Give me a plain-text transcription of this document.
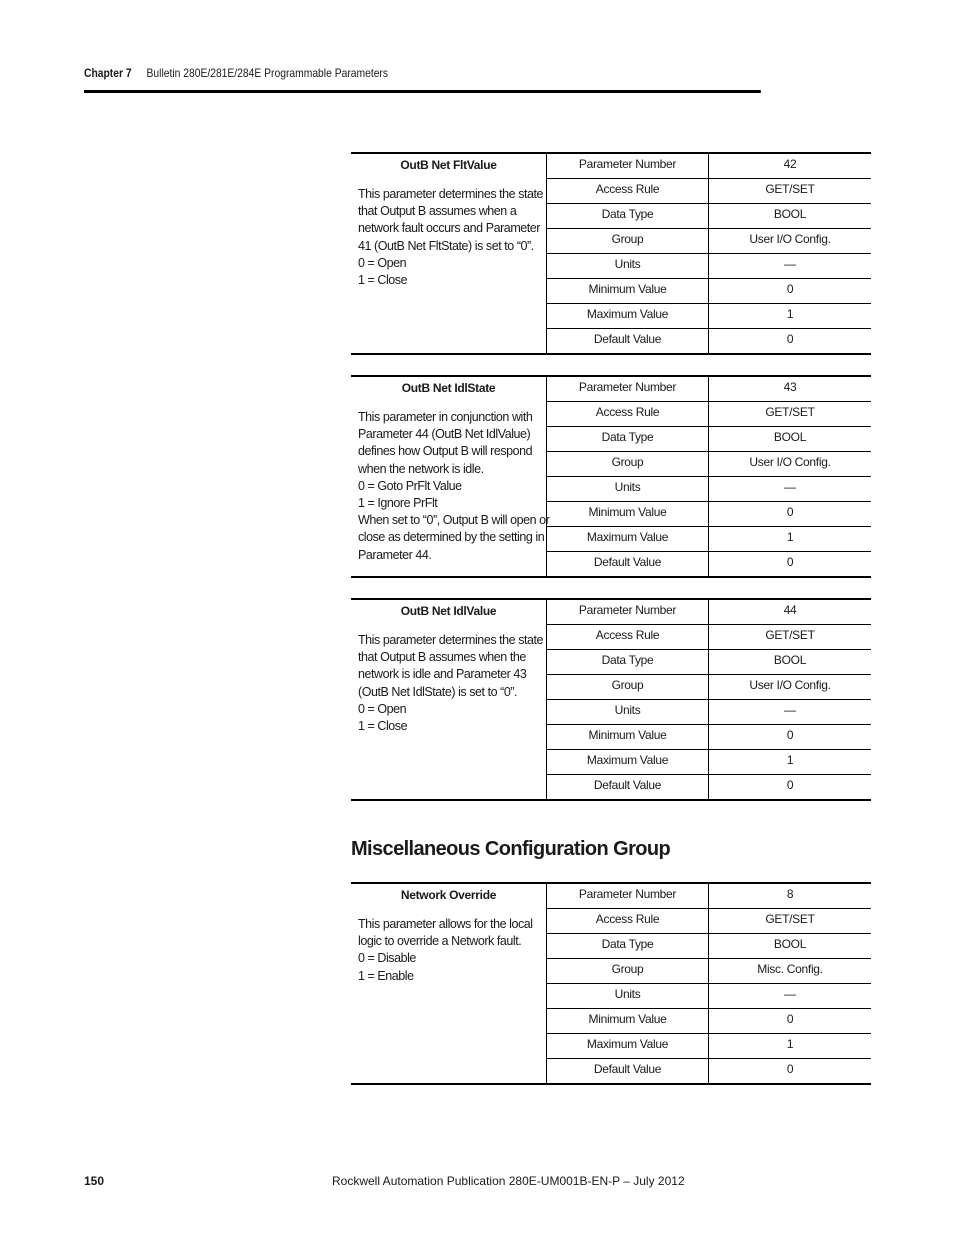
Chapter 7 Bulletin 280E/281E/284E Programmable Parameters
OutB Net FltValue
This parameter determines the state
that Output B assumes when a
network fault occurs and Parameter
41 (OutB Net FltState) is set to “0”.
0 = Open
1 = Close
Parameter Number	42
Access Rule	GET/SET
Data Type	BOOL
Group	User I/O Config.
Units	—
Minimum Value	0
Maximum Value	1
Default Value	0
OutB Net IdlState
This parameter in conjunction with
Parameter 44 (OutB Net IdlValue)
defines how Output B will respond
when the network is idle.
0 = Goto PrFlt Value
1 = Ignore PrFlt
When set to “0”, Output B will open or
close as determined by the setting in
Parameter 44.
Parameter Number	43
Access Rule	GET/SET
Data Type	BOOL
Group	User I/O Config.
Units	—
Minimum Value	0
Maximum Value	1
Default Value	0
OutB Net IdlValue
This parameter determines the state
that Output B assumes when the
network is idle and Parameter 43
(OutB Net IdlState) is set to “0”.
0 = Open
1 = Close
Parameter Number	44
Access Rule	GET/SET
Data Type	BOOL
Group	User I/O Config.
Units	—
Minimum Value	0
Maximum Value	1
Default Value	0
Miscellaneous Configuration Group
Network Override
This parameter allows for the local
logic to override a Network fault.
0 = Disable
1 = Enable
Parameter Number	8
Access Rule	GET/SET
Data Type	BOOL
Group	Misc. Config.
Units	—
Minimum Value	0
Maximum Value	1
Default Value	0
150	Rockwell Automation Publication 280E-UM001B-EN-P – July 2012
